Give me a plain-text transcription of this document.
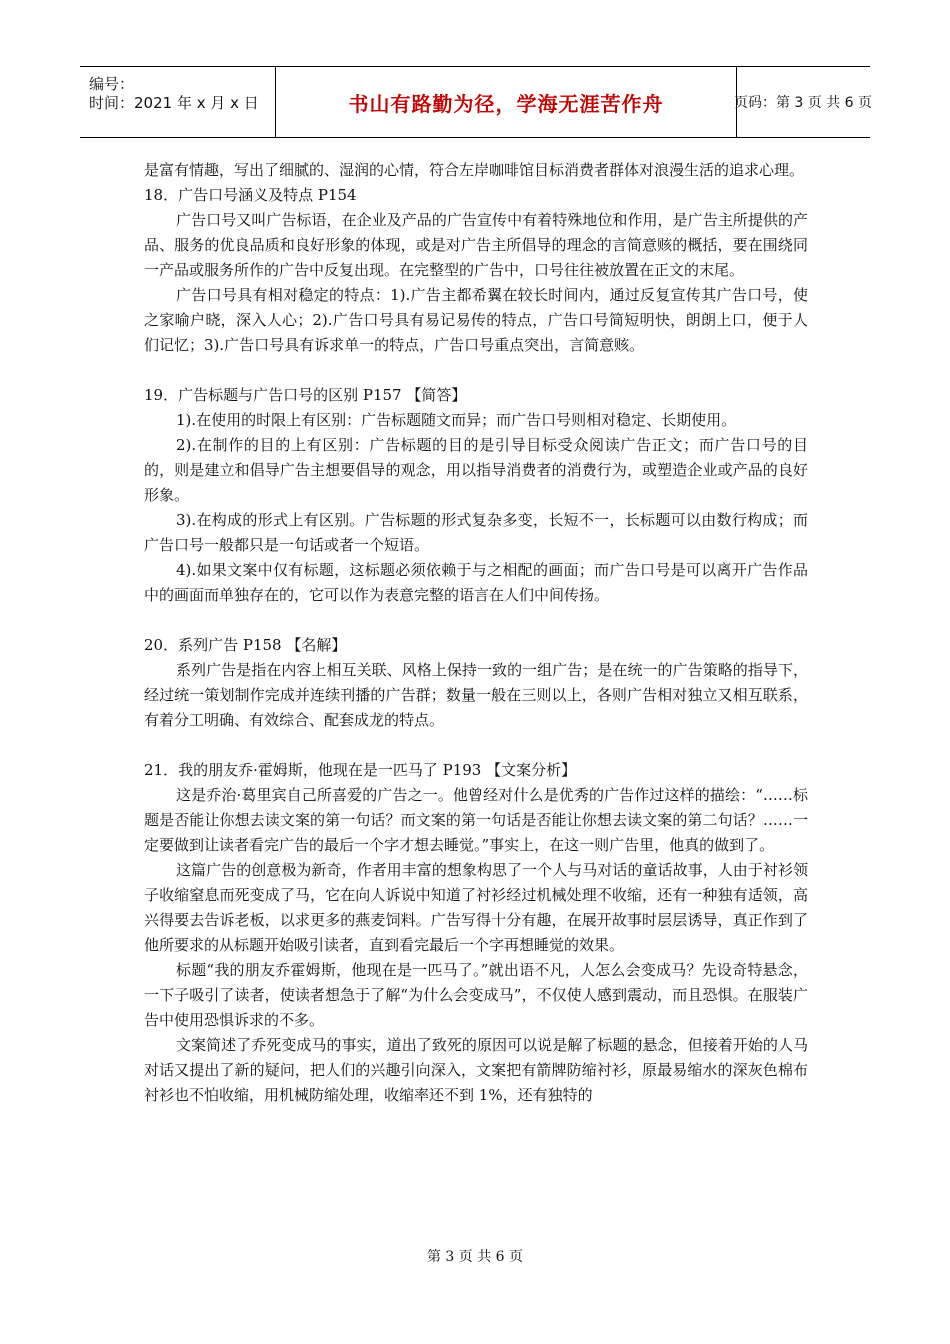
编号：
时间：2021 年 x 月 x 日	书山有路勤为径，学海无涯苦作舟	页码：第 3 页 共 6 页

是富有情趣，写出了细腻的、湿润的心情，符合左岸咖啡馆目标消费者群体对浪漫生活的追求心理。

18．广告口号涵义及特点 P154

广告口号又叫广告标语，在企业及产品的广告宣传中有着特殊地位和作用，是广告主所提供的产品、服务的优良品质和良好形象的体现，或是对广告主所倡导的理念的言简意赅的概括，要在围绕同一产品或服务所作的广告中反复出现。在完整型的广告中，口号往往被放置在正文的末尾。

广告口号具有相对稳定的特点：1).广告主都希翼在较长时间内，通过反复宣传其广告口号，使之家喻户晓，深入人心；2).广告口号具有易记易传的特点，广告口号简短明快，朗朗上口，便于人们记忆；3).广告口号具有诉求单一的特点，广告口号重点突出，言简意赅。

19．广告标题与广告口号的区别 P157 【简答】

1).在使用的时限上有区别：广告标题随文而异；而广告口号则相对稳定、长期使用。

2).在制作的目的上有区别：广告标题的目的是引导目标受众阅读广告正文；而广告口号的目的，则是建立和倡导广告主想要倡导的观念，用以指导消费者的消费行为，或塑造企业或产品的良好形象。

3).在构成的形式上有区别。广告标题的形式复杂多变，长短不一，长标题可以由数行构成；而广告口号一般都只是一句话或者一个短语。

4).如果文案中仅有标题，这标题必须依赖于与之相配的画面；而广告口号是可以离开广告作品中的画面而单独存在的，它可以作为表意完整的语言在人们中间传扬。

20．系列广告 P158 【名解】

系列广告是指在内容上相互关联、风格上保持一致的一组广告；是在统一的广告策略的指导下，经过统一策划制作完成并连续刊播的广告群；数量一般在三则以上，各则广告相对独立又相互联系，有着分工明确、有效综合、配套成龙的特点。

21．我的朋友乔·霍姆斯，他现在是一匹马了 P193 【文案分析】

这是乔治·葛里宾自己所喜爱的广告之一。他曾经对什么是优秀的广告作过这样的描绘：“……标题是否能让你想去读文案的第一句话？而文案的第一句话是否能让你想去读文案的第二句话？……一定要做到让读者看完广告的最后一个字才想去睡觉。”事实上，在这一则广告里，他真的做到了。

这篇广告的创意极为新奇，作者用丰富的想象构思了一个人与马对话的童话故事，人由于衬衫领子收缩窒息而死变成了马，它在向人诉说中知道了衬衫经过机械处理不收缩，还有一种独有适领，高兴得要去告诉老板，以求更多的燕麦饲料。广告写得十分有趣，在展开故事时层层诱导，真正作到了他所要求的从标题开始吸引读者，直到看完最后一个字再想睡觉的效果。

标题“我的朋友乔霍姆斯，他现在是一匹马了。”就出语不凡，人怎么会变成马？先设奇特悬念，一下子吸引了读者，使读者想急于了解“为什么会变成马”，不仅使人感到震动，而且恐惧。在服装广告中使用恐惧诉求的不多。

文案简述了乔死变成马的事实，道出了致死的原因可以说是解了标题的悬念，但接着开始的人马对话又提出了新的疑问，把人们的兴趣引向深入，文案把有箭牌防缩衬衫，原最易缩水的深灰色棉布衬衫也不怕收缩，用机械防缩处理，收缩率还不到 1%，还有独特的

第 3 页 共 6 页
